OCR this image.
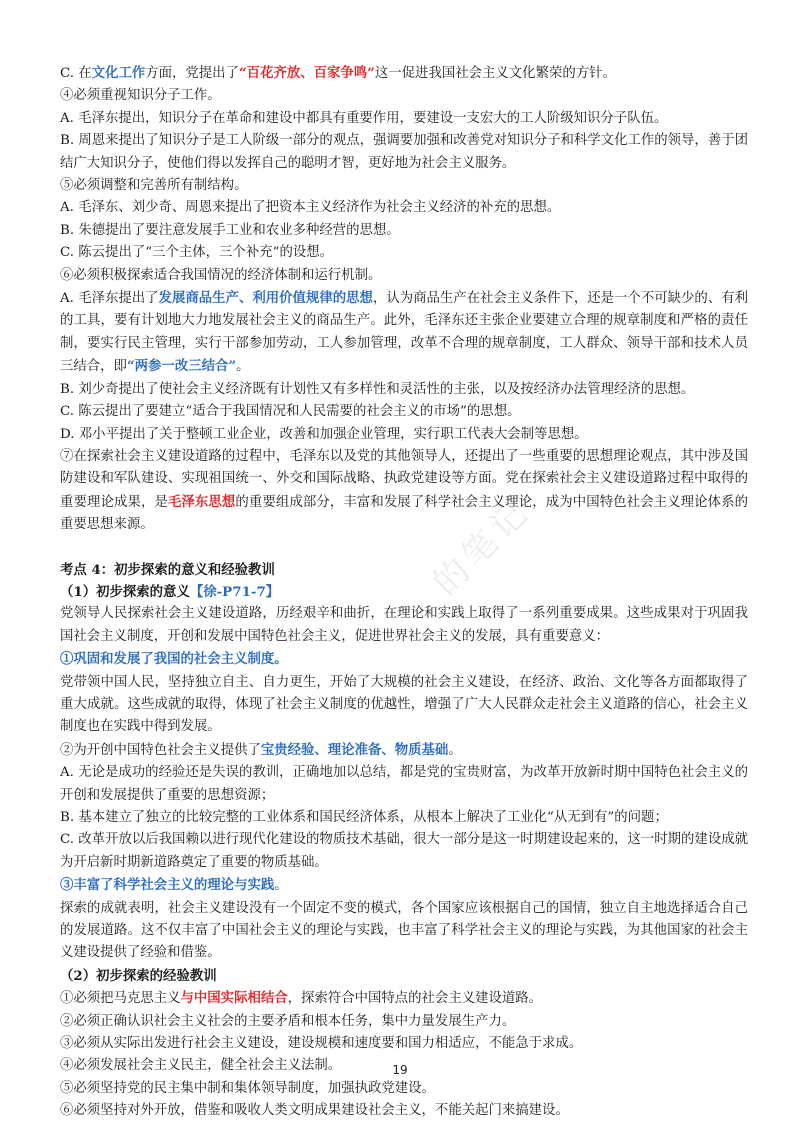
C. 在文化工作方面，党提出了“百花齐放、百家争鸣”这一促进我国社会主义文化繁荣的方针。

④必须重视知识分子工作。

A. 毛泽东提出，知识分子在革命和建设中都具有重要作用，要建设一支宏大的工人阶级知识分子队伍。

B. 周恩来提出了知识分子是工人阶级一部分的观点，强调要加强和改善党对知识分子和科学文化工作的领导，善于团结广大知识分子，使他们得以发挥自己的聪明才智，更好地为社会主义服务。

⑤必须调整和完善所有制结构。

A. 毛泽东、刘少奇、周恩来提出了把资本主义经济作为社会主义经济的补充的思想。

B. 朱德提出了要注意发展手工业和农业多种经营的思想。

C. 陈云提出了“三个主体，三个补充”的设想。

⑥必须积极探索适合我国情况的经济体制和运行机制。

A. 毛泽东提出了发展商品生产、利用价值规律的思想，认为商品生产在社会主义条件下，还是一个不可缺少的、有利的工具，要有计划地大力地发展社会主义的商品生产。此外，毛泽东还主张企业要建立合理的规章制度和严格的责任制，要实行民主管理，实行干部参加劳动，工人参加管理，改革不合理的规章制度，工人群众、领导干部和技术人员三结合，即“两参一改三结合”。

B. 刘少奇提出了使社会主义经济既有计划性又有多样性和灵活性的主张，以及按经济办法管理经济的思想。

C. 陈云提出了要建立“适合于我国情况和人民需要的社会主义的市场”的思想。

D. 邓小平提出了关于整顿工业企业，改善和加强企业管理，实行职工代表大会制等思想。

⑦在探索社会主义建设道路的过程中，毛泽东以及党的其他领导人，还提出了一些重要的思想理论观点，其中涉及国防建设和军队建设、实现祖国统一、外交和国际战略、执政党建设等方面。党在探索社会主义建设道路过程中取得的重要理论成果，是毛泽东思想的重要组成部分，丰富和发展了科学社会主义理论，成为中国特色社会主义理论体系的重要思想来源。

考点 4：初步探索的意义和经验教训

（1）初步探索的意义【徐-P71-7】

党领导人民探索社会主义建设道路，历经艰辛和曲折，在理论和实践上取得了一系列重要成果。这些成果对于巩固我国社会主义制度，开创和发展中国特色社会主义，促进世界社会主义的发展，具有重要意义：

①巩固和发展了我国的社会主义制度。

党带领中国人民，坚持独立自主、自力更生，开始了大规模的社会主义建设，在经济、政治、文化等各方面都取得了重大成就。这些成就的取得，体现了社会主义制度的优越性，增强了广大人民群众走社会主义道路的信心，社会主义制度也在实践中得到发展。

②为开创中国特色社会主义提供了宝贵经验、理论准备、物质基础。

A. 无论是成功的经验还是失误的教训，正确地加以总结，都是党的宝贵财富，为改革开放新时期中国特色社会主义的开创和发展提供了重要的思想资源；

B. 基本建立了独立的比较完整的工业体系和国民经济体系，从根本上解决了工业化“从无到有”的问题；

C. 改革开放以后我国赖以进行现代化建设的物质技术基础，很大一部分是这一时期建设起来的，这一时期的建设成就为开启新时期新道路奠定了重要的物质基础。

③丰富了科学社会主义的理论与实践。

探索的成就表明，社会主义建设没有一个固定不变的模式，各个国家应该根据自己的国情，独立自主地选择适合自己的发展道路。这不仅丰富了中国社会主义的理论与实践，也丰富了科学社会主义的理论与实践，为其他国家的社会主义建设提供了经验和借鉴。

（2）初步探索的经验教训

①必须把马克思主义与中国实际相结合，探索符合中国特点的社会主义建设道路。

②必须正确认识社会主义社会的主要矛盾和根本任务，集中力量发展生产力。

③必须从实际出发进行社会主义建设，建设规模和速度要和国力相适应，不能急于求成。

④必须发展社会主义民主，健全社会主义法制。

⑤必须坚持党的民主集中制和集体领导制度，加强执政党建设。

⑥必须坚持对外开放，借鉴和吸收人类文明成果建设社会主义，不能关起门来搞建设。

的笔记
19
